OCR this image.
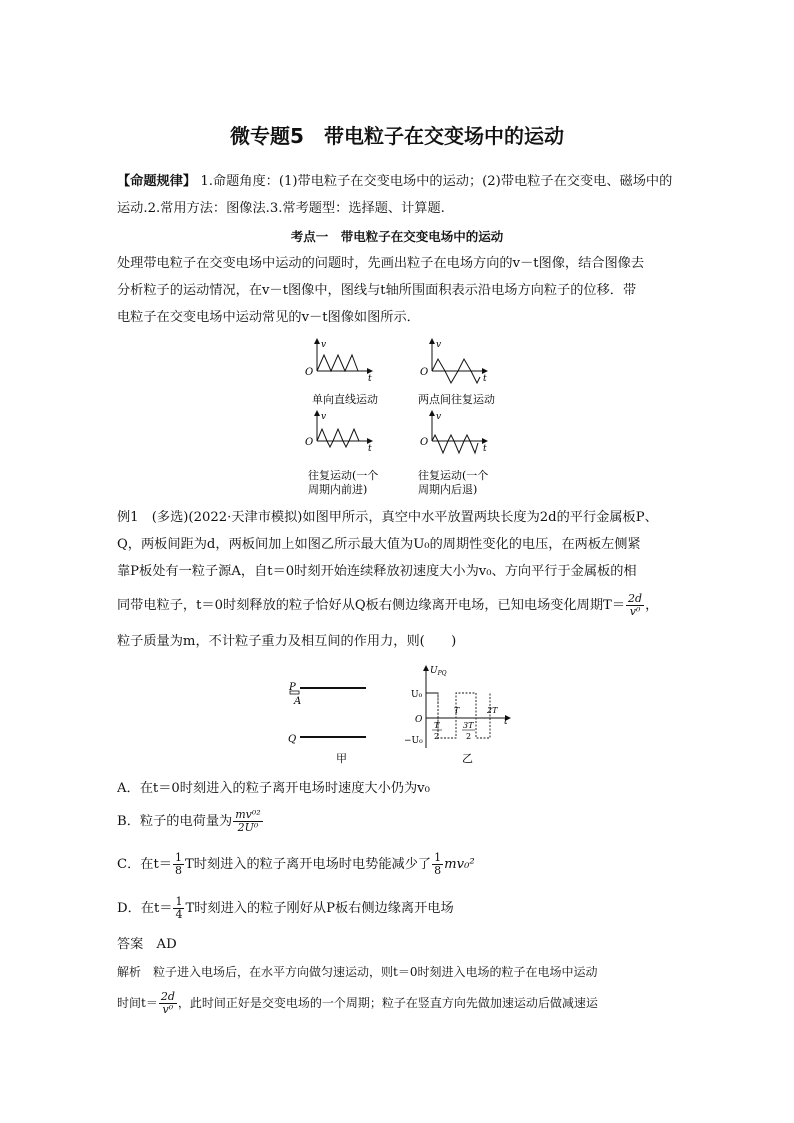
微专题5　带电粒子在交变场中的运动
【命题规律】 1.命题角度：(1)带电粒子在交变电场中的运动；(2)带电粒子在交变电、磁场中的
运动.2.常用方法：图像法.3.常考题型：选择题、计算题.
考点一　带电粒子在交变电场中的运动
处理带电粒子在交变电场中运动的问题时，先画出粒子在电场方向的v－t图像，结合图像去
分析粒子的运动情况，在v－t图像中，图线与t轴所围面积表示沿电场方向粒子的位移．带
电粒子在交变电场中运动常见的v－t图像如图所示．
v
O
t
v
O
t
单向直线运动	两点间往复运动
v
O
t
v
O
t
往复运动(一个
周期内前进)
往复运动(一个
周期内后退)
例1　(多选)(2022·天津市模拟)如图甲所示，真空中水平放置两块长度为2d的平行金属板P、
Q，两板间距为d，两板间加上如图乙所示最大值为U₀的周期性变化的电压，在两板左侧紧
靠P板处有一粒子源A，自t＝0时刻开始连续释放初速度大小为v₀、方向平行于金属板的相
同带电粒子，t＝0时刻释放的粒子恰好从Q板右侧边缘离开电场，已知电场变化周期$T= \frac{2d}{\text{v⁰}}$ ，
粒子质量为m，不计粒子重力及相互间的作用力，则(　　)
P
A
Q
甲
$U_{PQ}$
U₀
O
−U₀
T
2
T
3T
2
2T
t
乙
A．在t＝0时刻进入的粒子离开电场时速度大小仍为v₀
B．粒子的电荷量为 $\frac{\text{mv⁰²}}{\text{2U⁰}}$
C．在$t= \frac{1}{8}$ T时刻进入的粒子离开电场时电势能减少了 $\frac{1}{8} mv_0^2$
D．在$t= \frac{1}{4}$ T时刻进入的粒子刚好从P板右侧边缘离开电场
答案　AD
解析　粒子进入电场后，在水平方向做匀速运动，则t＝0时刻进入电场的粒子在电场中运动
时间$t= \frac{2d}{\text{v⁰}}$ ，此时间正好是交变电场的一个周期；粒子在竖直方向先做加速运动后做减速运
